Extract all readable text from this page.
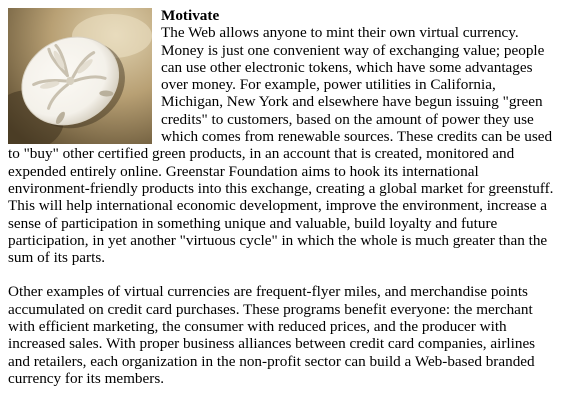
Motivate
The Web allows anyone to mint their own virtual currency. Money is just one convenient way of exchanging value; people can use other electronic tokens, which have some advantages over money. For example, power utilities in California, Michigan, New York and elsewhere have begun issuing "green credits" to customers, based on the amount of power they use which comes from renewable sources. These credits can be used to "buy" other certified green products, in an account that is created, monitored and expended entirely online. Greenstar Foundation aims to hook its international environment-friendly products into this exchange, creating a global market for greenstuff. This will help international economic development, improve the environment, increase a sense of participation in something unique and valuable, build loyalty and future participation, in yet another "virtuous cycle" in which the whole is much greater than the sum of its parts.

Other examples of virtual currencies are frequent-flyer miles, and merchandise points accumulated on credit card purchases. These programs benefit everyone: the merchant with efficient marketing, the consumer with reduced prices, and the producer with increased sales. With proper business alliances between credit card companies, airlines and retailers, each organization in the non-profit sector can build a Web-based branded currency for its members.
